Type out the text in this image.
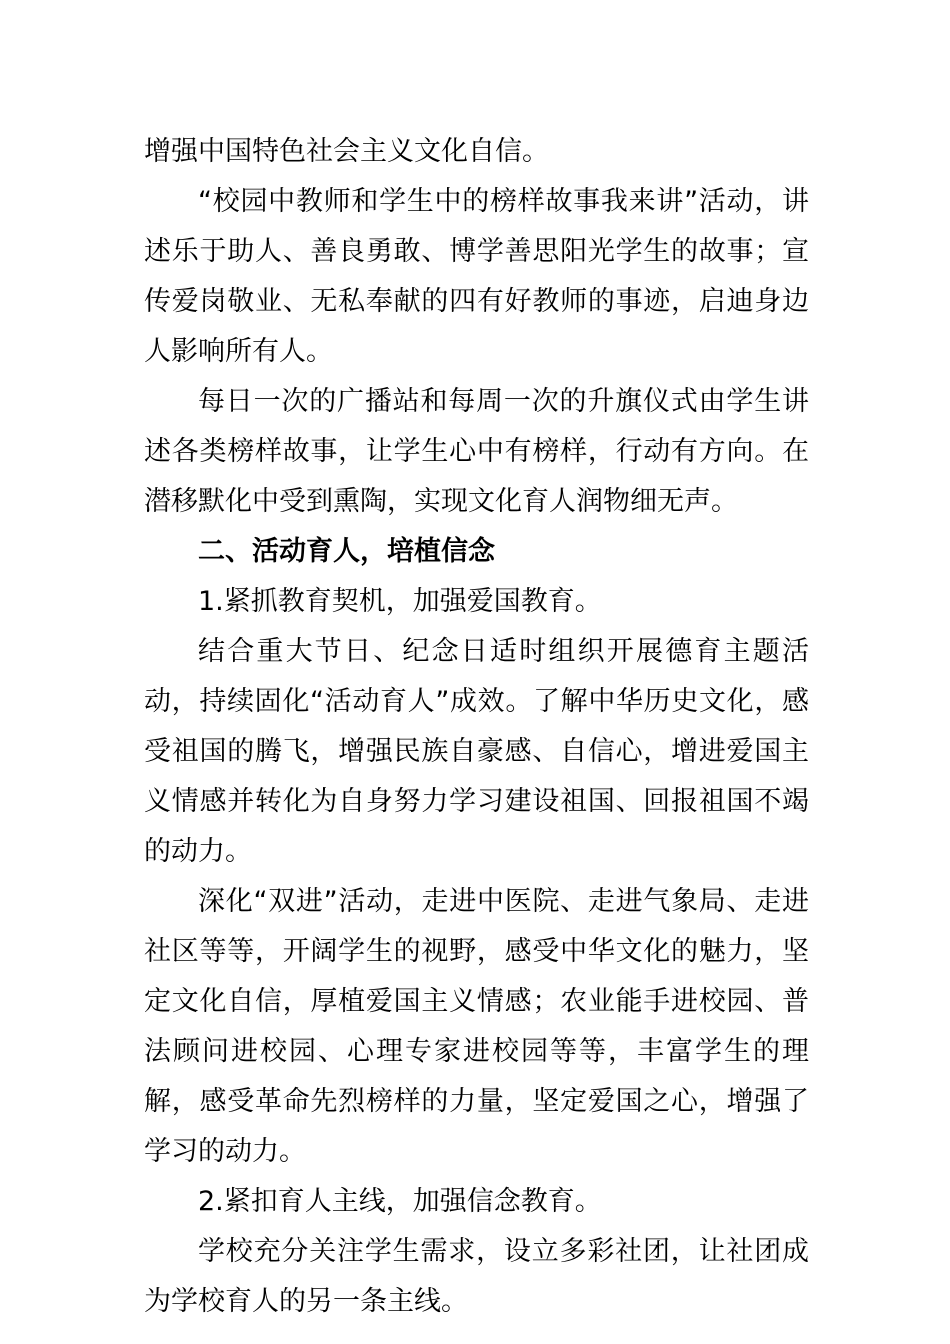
增强中国特色社会主义文化自信。

“校园中教师和学生中的榜样故事我来讲”活动，讲述乐于助人、善良勇敢、博学善思阳光学生的故事；宣传爱岗敬业、无私奉献的四有好教师的事迹，启迪身边人影响所有人。

每日一次的广播站和每周一次的升旗仪式由学生讲述各类榜样故事，让学生心中有榜样，行动有方向。在潜移默化中受到熏陶，实现文化育人润物细无声。

二、活动育人，培植信念

1.紧抓教育契机，加强爱国教育。

结合重大节日、纪念日适时组织开展德育主题活动，持续固化“活动育人”成效。了解中华历史文化，感受祖国的腾飞，增强民族自豪感、自信心，增进爱国主义情感并转化为自身努力学习建设祖国、回报祖国不竭的动力。

深化“双进”活动，走进中医院、走进气象局、走进社区等等，开阔学生的视野，感受中华文化的魅力，坚定文化自信，厚植爱国主义情感；农业能手进校园、普法顾问进校园、心理专家进校园等等，丰富学生的理解，感受革命先烈榜样的力量，坚定爱国之心，增强了学习的动力。

2.紧扣育人主线，加强信念教育。

学校充分关注学生需求，设立多彩社团，让社团成为学校育人的另一条主线。
